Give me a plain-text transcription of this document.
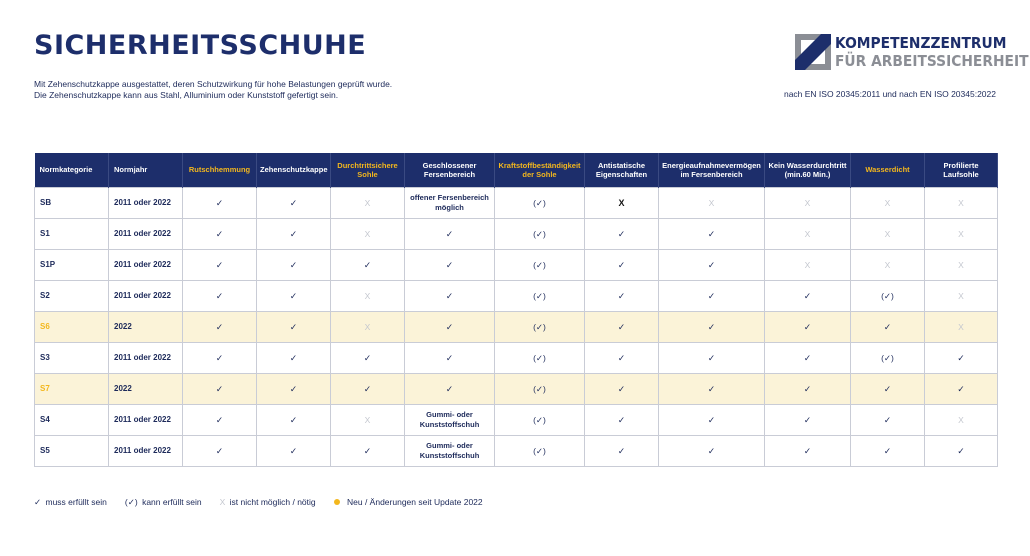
SICHERHEITSSCHUHE

Mit Zehenschutzkappe ausgestattet, deren Schutzwirkung für hohe Belastungen geprüft wurde.
Die Zehenschutzkappe kann aus Stahl, Alluminium oder Kunststoff gefertigt sein.

KOMPETENZZENTRUM
FÜR ARBEITSSICHERHEIT

nach EN ISO 20345:2011 und nach EN ISO 20345:2022

Normkategorie	Normjahr	Rutschhemmung	Zehenschutzkappe	Durchtrittsichere Sohle	Geschlossener Fersenbereich	Kraftstoffbeständigkeit der Sohle	Antistatische Eigenschaften	Energieaufnahmevermögen im Fersenbereich	Kein Wasserdurchtritt (min.60 Min.)	Wasserdicht	Profilierte Laufsohle
SB	2011 oder 2022	✓	✓	X	offener Fersenbereich möglich	(✓)	X	X	X	X	X
S1	2011 oder 2022	✓	✓	X	✓	(✓)	✓	✓	X	X	X
S1P	2011 oder 2022	✓	✓	✓	✓	(✓)	✓	✓	X	X	X
S2	2011 oder 2022	✓	✓	X	✓	(✓)	✓	✓	✓	(✓)	X
S6	2022	✓	✓	X	✓	(✓)	✓	✓	✓	✓	X
S3	2011 oder 2022	✓	✓	✓	✓	(✓)	✓	✓	✓	(✓)	✓
S7	2022	✓	✓	✓	✓	(✓)	✓	✓	✓	✓	✓
S4	2011 oder 2022	✓	✓	X	Gummi- oder Kunststoffschuh	(✓)	✓	✓	✓	✓	X
S5	2011 oder 2022	✓	✓	✓	Gummi- oder Kunststoffschuh	(✓)	✓	✓	✓	✓	✓
✓ muss erfüllt sein (✓) kann erfüllt sein X ist nicht möglich / nötig	Neu / Änderungen seit Update 2022
